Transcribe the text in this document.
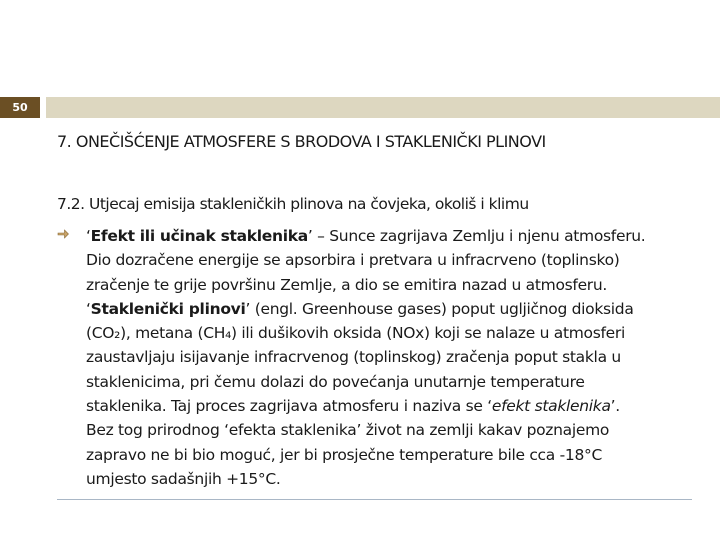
50
7. ONEČIŠĆENJE ATMOSFERE S BRODOVA I STAKLENIČKI PLINOVI
7.2. Utjecaj emisija stakleničkih plinova na čovjeka, okoliš i klimu
‘Efekt ili učinak staklenika’ – Sunce zagrijava Zemlju i njenu atmosferu.
Dio dozračene energije se apsorbira i pretvara u infracrveno (toplinsko)
zračenje te grije površinu Zemlje, a dio se emitira nazad u atmosferu.
‘Staklenički plinovi’ (engl. Greenhouse gases) poput ugljičnog dioksida
(CO₂), metana (CH₄) ili dušikovih oksida (NOx) koji se nalaze u atmosferi
zaustavljaju isijavanje infracrvenog (toplinskog) zračenja poput stakla u
staklenicima, pri čemu dolazi do povećanja unutarnje temperature
staklenika. Taj proces zagrijava atmosferu i naziva se ‘efekt staklenika’.
Bez tog prirodnog ‘efekta staklenika’ život na zemlji kakav poznajemo
zapravo ne bi bio moguć, jer bi prosječne temperature bile cca -18°C
umjesto sadašnjih +15°C.
